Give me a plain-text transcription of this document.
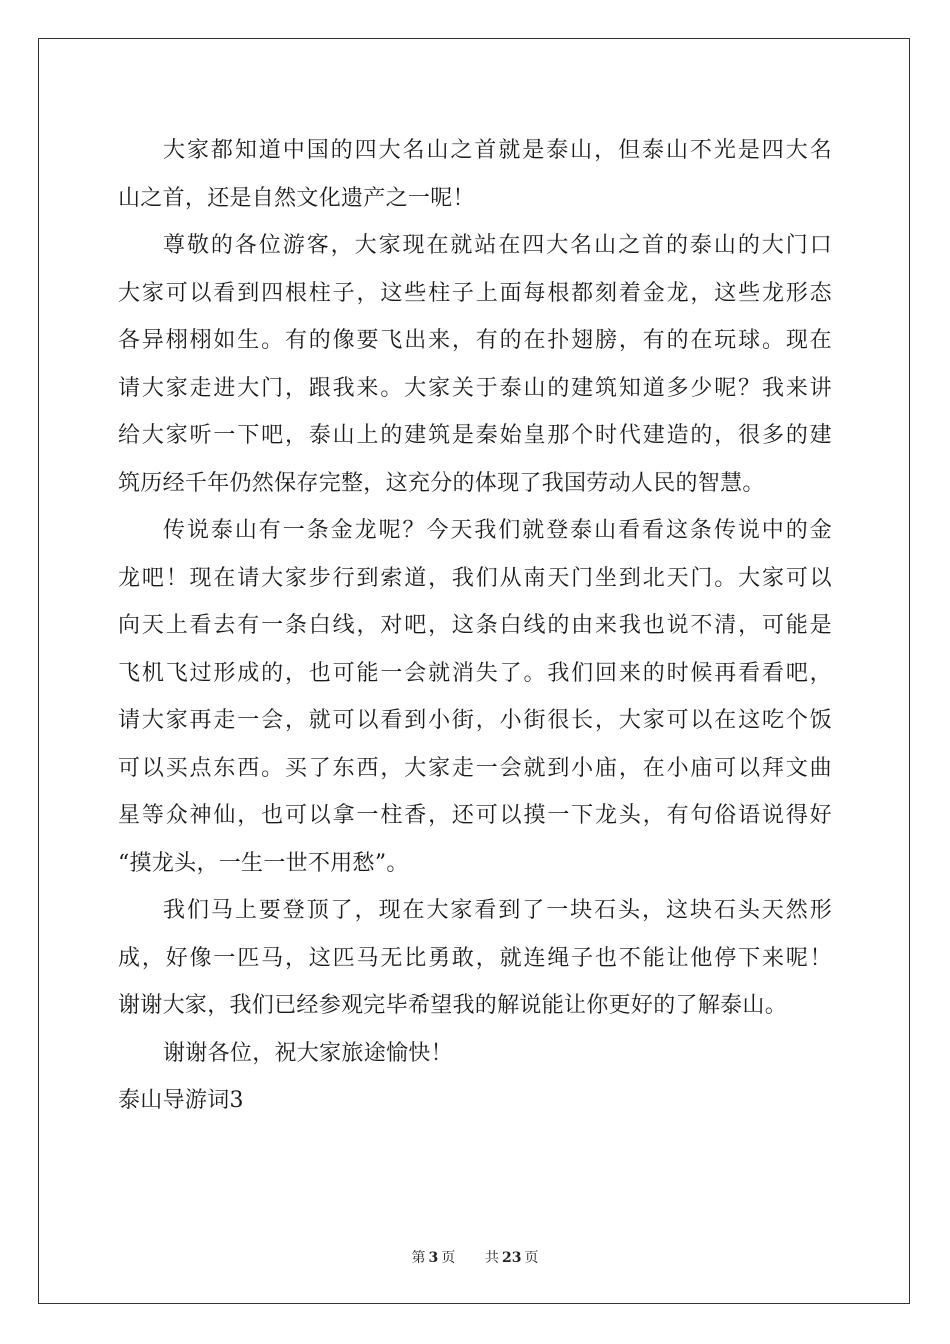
大家都知道中国的四大名山之首就是泰山，但泰山不光是四大名
山之首，还是自然文化遗产之一呢！
尊敬的各位游客，大家现在就站在四大名山之首的泰山的大门口
大家可以看到四根柱子，这些柱子上面每根都刻着金龙，这些龙形态
各异栩栩如生。有的像要飞出来，有的在扑翅膀，有的在玩球。现在
请大家走进大门，跟我来。大家关于泰山的建筑知道多少呢？我来讲
给大家听一下吧，泰山上的建筑是秦始皇那个时代建造的，很多的建
筑历经千年仍然保存完整，这充分的体现了我国劳动人民的智慧。
传说泰山有一条金龙呢？今天我们就登泰山看看这条传说中的金
龙吧！现在请大家步行到索道，我们从南天门坐到北天门。大家可以
向天上看去有一条白线，对吧，这条白线的由来我也说不清，可能是
飞机飞过形成的，也可能一会就消失了。我们回来的时候再看看吧，
请大家再走一会，就可以看到小街，小街很长，大家可以在这吃个饭
可以买点东西。买了东西，大家走一会就到小庙，在小庙可以拜文曲
星等众神仙，也可以拿一柱香，还可以摸一下龙头，有句俗语说得好
“摸龙头，一生一世不用愁”。
我们马上要登顶了，现在大家看到了一块石头，这块石头天然形
成，好像一匹马，这匹马无比勇敢，就连绳子也不能让他停下来呢！
谢谢大家，我们已经参观完毕希望我的解说能让你更好的了解泰山。
谢谢各位，祝大家旅途愉快！
泰山导游词3
第 3 页 共 23 页
